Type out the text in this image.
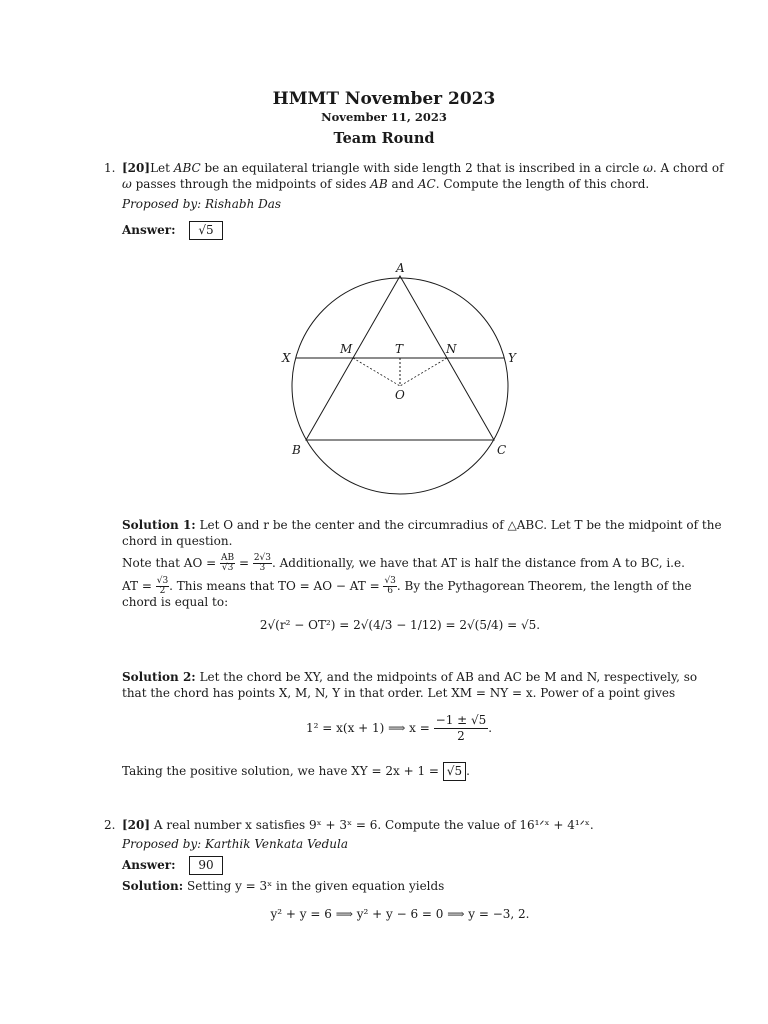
HMMT November 2023
November 11, 2023
Team Round
1. [20]Let ABC be an equilateral triangle with side length 2 that is inscribed in a circle ω. A chord of
ω passes through the midpoints of sides AB and AC. Compute the length of this chord.
Proposed by: Rishabh Das
Answer: √5
A
B	C
X	Y
M	N
T
O
Solution 1: Let O and r be the center and the circumradius of △ABC. Let T be the midpoint of the
chord in question.
Note that AO = $\frac{AB}{√3} = \frac{2√3}{3}$ . Additionally, we have that AT is half the distance from A to BC, i.e.
AT = $\frac{√3}{2}$ . This means that TO = AO − AT = $\frac{√3}{6}$ . By the Pythagorean Theorem, the length of the
chord is equal to:
2√(r² − OT²) = 2√(4/3 − 1/12) = 2√(5/4) = √5.
Solution 2: Let the chord be XY, and the midpoints of AB and AC be M and N, respectively, so
that the chord has points X, M, N, Y in that order. Let XM = NY = x. Power of a point gives
1² = x(x + 1) ⟹ $x = \frac{-1 \pm √5}{2}$ .
Taking the positive solution, we have XY = 2x + 1 = √5 .
2. [20] A real number x satisfies 9ˣ + 3ˣ = 6. Compute the value of 16¹ᐟˣ + 4¹ᐟˣ.
Proposed by: Karthik Venkata Vedula
Answer: 90
Solution: Setting y = 3ˣ in the given equation yields
y² + y = 6 ⟹ y² + y − 6 = 0 ⟹ y = −3, 2.
